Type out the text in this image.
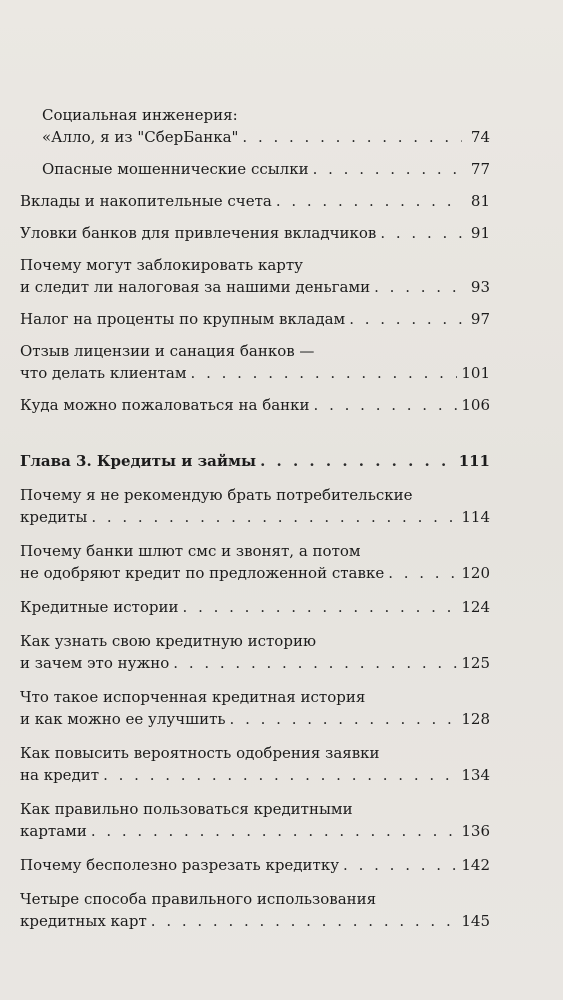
Социальная инженерия:
«Алло, я из "СберБанка" . . .	74
Опасные мошеннические ссылки . . .	77
Вклады и накопительные счета . . .	81
Уловки банков для привлечения вкладчиков . . .	91
Почему могут заблокировать карту
и следит ли налоговая за нашими деньгами . . .	93
Налог на проценты по крупным вкладам . . .	97
Отзыв лицензии и санация банков —
что делать клиентам . . .	101
Куда можно пожаловаться на банки . . .	106
Глава 3. Кредиты и займы . . .	111
Почему я не рекомендую брать потребительские
кредиты . . .	114
Почему банки шлют смс и звонят, а потом
не одобряют кредит по предложенной ставке . . .	120
Кредитные истории . . .	124
Как узнать свою кредитную историю
и зачем это нужно . . .	125
Что такое испорченная кредитная история
и как можно ее улучшить . . .	128
Как повысить вероятность одобрения заявки
на кредит . . .	134
Как правильно пользоваться кредитными
картами . . .	136
Почему бесполезно разрезать кредитку . . .	142
Четыре способа правильного использования
кредитных карт . . .	145
